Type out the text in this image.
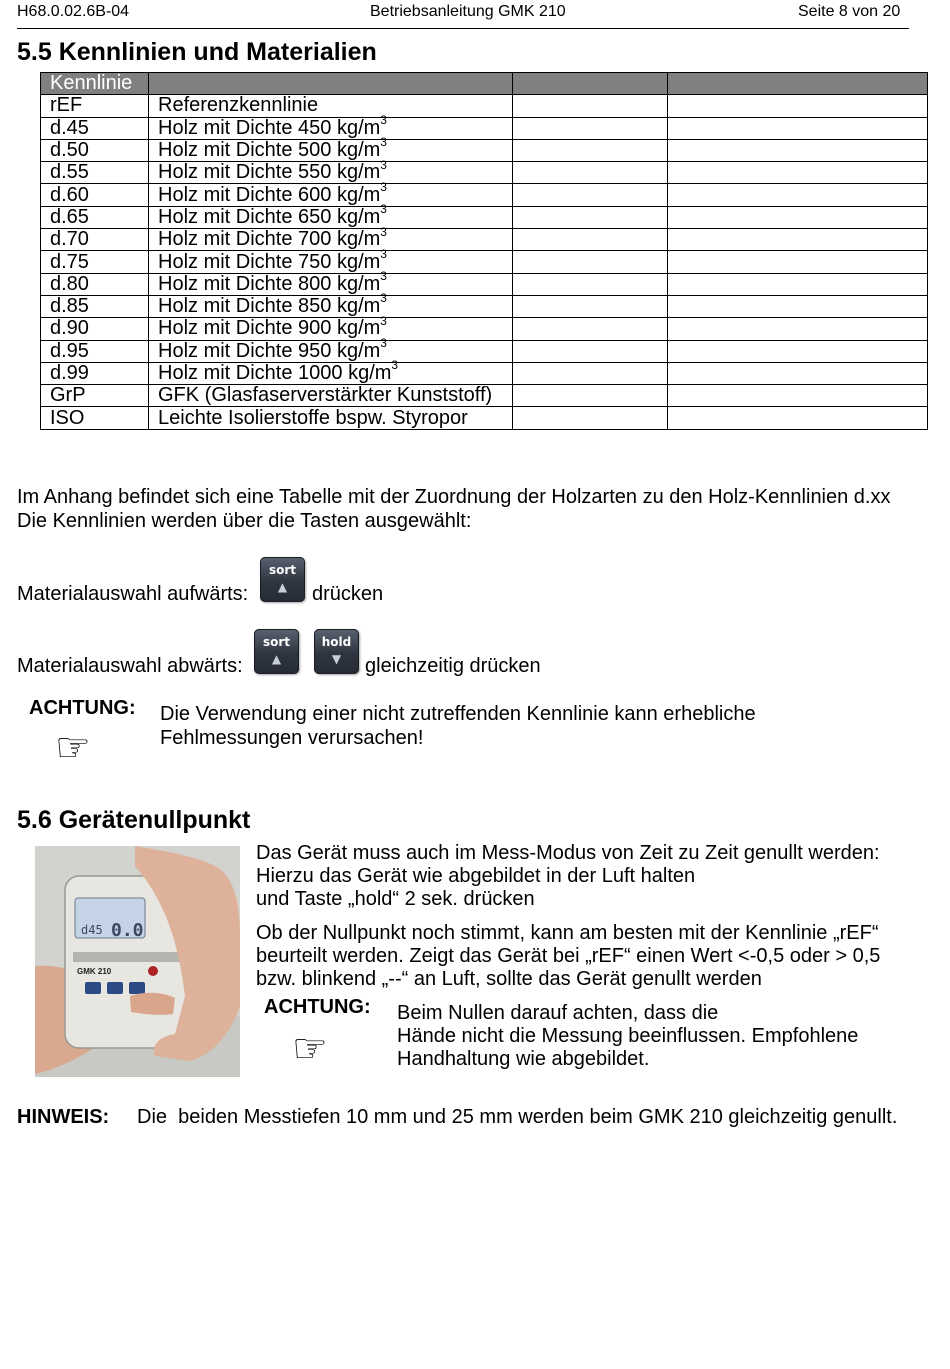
H68.0.02.6B-04	Betriebsanleitung GMK 210	Seite 8 von 20
5.5 Kennlinien und Materialien
Kennlinie			
rEF	Referenzkennlinie		
d.45	Holz mit Dichte 450 $kg/m^3$		
d.50	Holz mit Dichte 500 $kg/m^3$		
d.55	Holz mit Dichte 550 $kg/m^3$		
d.60	Holz mit Dichte 600 $kg/m^3$		
d.65	Holz mit Dichte 650 $kg/m^3$		
d.70	Holz mit Dichte 700 $kg/m^3$		
d.75	Holz mit Dichte 750 $kg/m^3$		
d.80	Holz mit Dichte 800 $kg/m^3$		
d.85	Holz mit Dichte 850 $kg/m^3$		
d.90	Holz mit Dichte 900 $kg/m^3$		
d.95	Holz mit Dichte 950 $kg/m^3$		
d.99	Holz mit Dichte 1000 $kg/m^3$		
GrP	GFK (Glasfaserverstärkter Kunststoff)		
ISO	Leichte Isolierstoffe bspw. Styropor		
Im Anhang befindet sich eine Tabelle mit der Zuordnung der Holzarten zu den Holz-Kennlinien d.xx
Die Kennlinien werden über die Tasten ausgewählt:
Materialauswahl aufwärts:
sort
▲	drücken
Materialauswahl abwärts:
sort
▲
hold
▼	gleichzeitig drücken
ACHTUNG:
☞
Die Verwendung einer nicht zutreffenden Kennlinie kann erhebliche
Fehlmessungen verursachen!
5.6 Gerätenullpunkt
d45 0.0
GMK 210
Das Gerät muss auch im Mess-Modus von Zeit zu Zeit genullt werden:
Hierzu das Gerät wie abgebildet in der Luft halten
und Taste „hold“ 2 sek. drücken
Ob der Nullpunkt noch stimmt, kann am besten mit der Kennlinie „rEF“
beurteilt werden. Zeigt das Gerät bei „rEF“ einen Wert <-0,5 oder > 0,5
bzw. blinkend „--“ an Luft, sollte das Gerät genullt werden
ACHTUNG:
☞
Beim Nullen darauf achten, dass die
Hände nicht die Messung beeinflussen. Empfohlene
Handhaltung wie abgebildet.
HINWEIS: Die  beiden Messtiefen 10 mm und 25 mm werden beim GMK 210 gleichzeitig genullt.
